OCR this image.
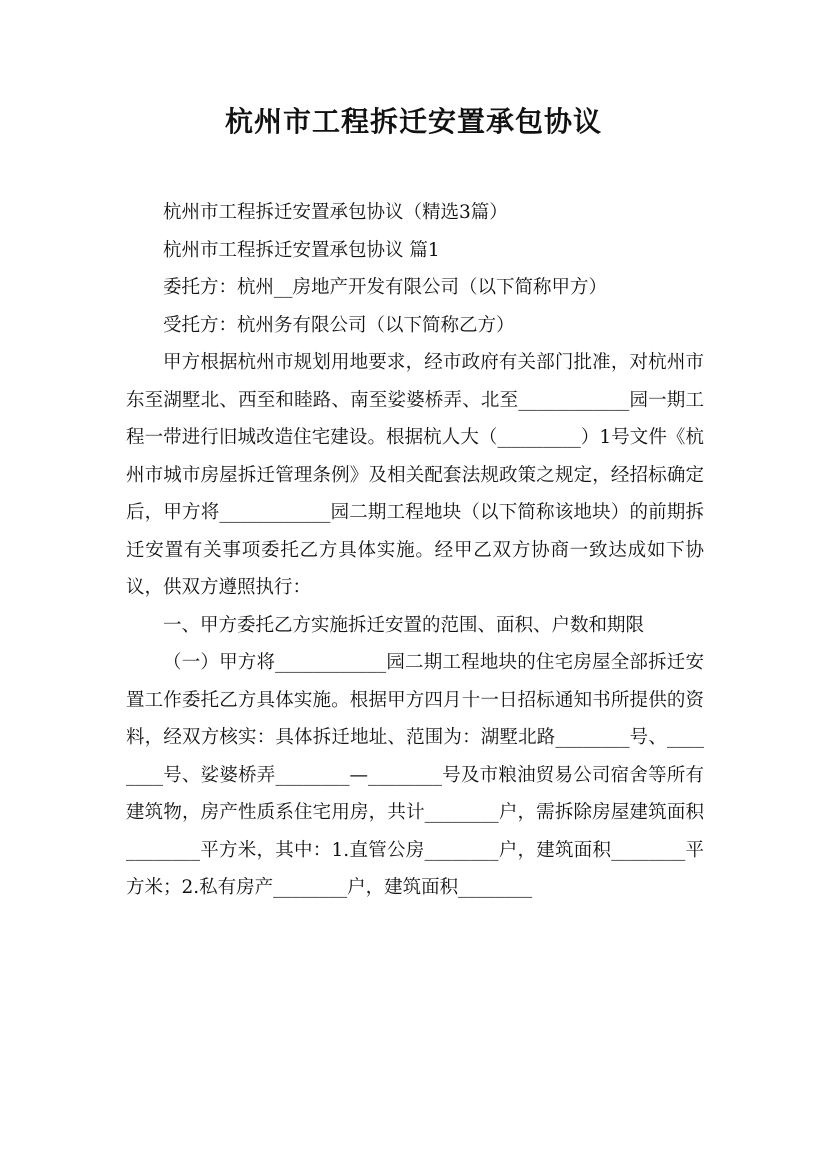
杭州市工程拆迁安置承包协议

杭州市工程拆迁安置承包协议（精选3篇）

杭州市工程拆迁安置承包协议 篇1

委托方：杭州__房地产开发有限公司（以下简称甲方）

受托方：杭州务有限公司（以下简称乙方）

甲方根据杭州市规划用地要求，经市政府有关部门批准，对杭州市东至湖墅北、西至和睦路、南至娑婆桥弄、北至____________园一期工程一带进行旧城改造住宅建设。根据杭人大（_________）1号文件《杭州市城市房屋拆迁管理条例》及相关配套法规政策之规定，经招标确定后，甲方将____________园二期工程地块（以下简称该地块）的前期拆迁安置有关事项委托乙方具体实施。经甲乙双方协商一致达成如下协议，供双方遵照执行：

一、甲方委托乙方实施拆迁安置的范围、面积、户数和期限

（一）甲方将____________园二期工程地块的住宅房屋全部拆迁安置工作委托乙方具体实施。根据甲方四月十一日招标通知书所提供的资料，经双方核实：具体拆迁地址、范围为：湖墅北路________号、________号、娑婆桥弄________—________号及市粮油贸易公司宿舍等所有建筑物，房产性质系住宅用房，共计________户，需拆除房屋建筑面积________平方米，其中：1.直管公房________户，建筑面积________平方米；2.私有房产________户，建筑面积________
